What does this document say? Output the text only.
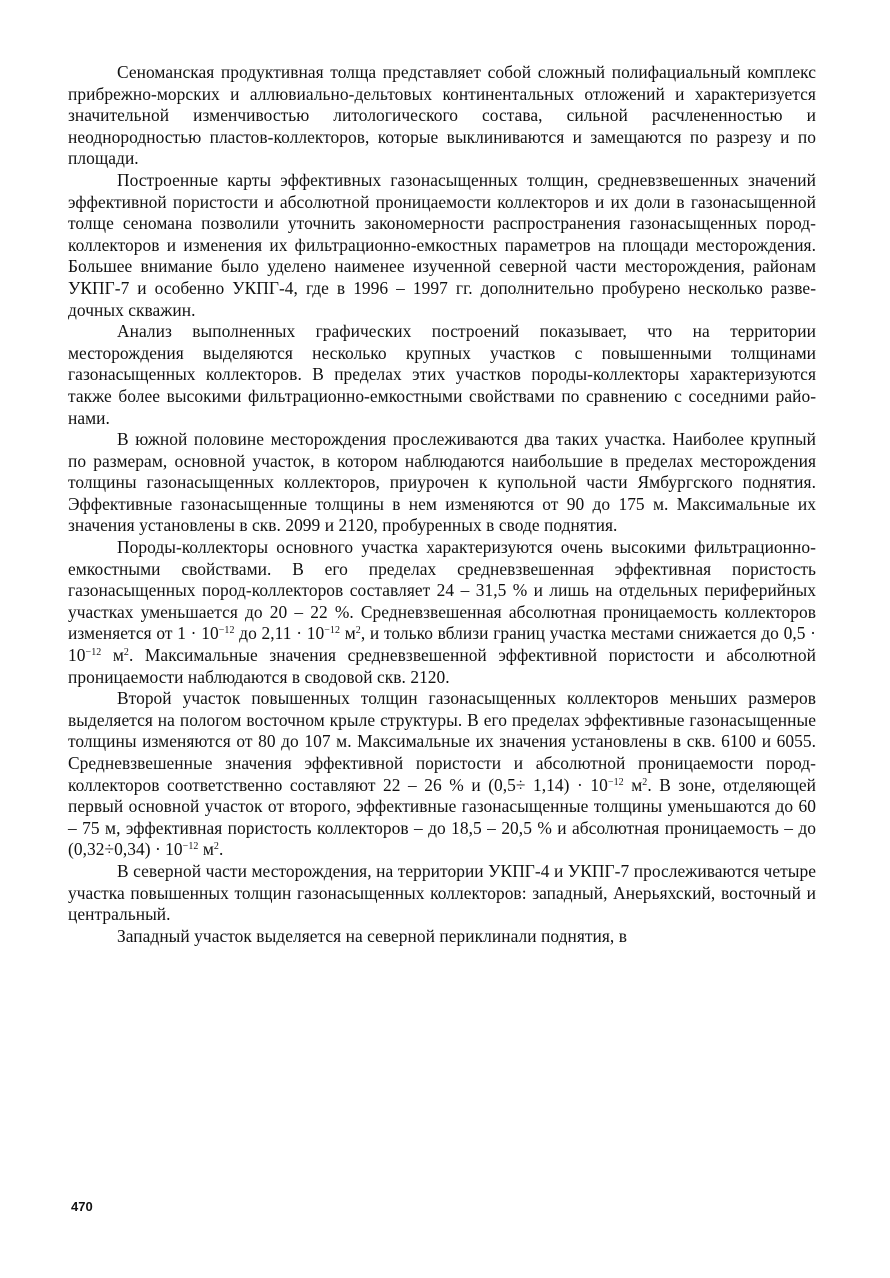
Сеноманская продуктивная толща представляет собой сложный полифациальный комплекс прибрежно-морских и аллювиально-дельтовых континентальных отложений и характеризуется значительной изменчивостью литологического состава, сильной расчлененностью и неоднородностью пластов-коллекторов, которые выклиниваются и замещаются по разрезу и по площади.

Построенные карты эффективных газонасыщенных толщин, средневзвешенных значений эффективной пористости и абсолютной проницаемости коллекторов и их доли в газонасыщенной толще сеномана позволили уточнить закономерности распространения газонасыщенных пород-коллекторов и изменения их фильтрационно-емкостных параметров на площади месторождения. Большее внимание было уделено наименее изученной северной части месторождения, районам УКПГ-7 и особенно УКПГ-4, где в 1996 – 1997 гг. дополнительно пробурено несколько разведочных скважин.

Анализ выполненных графических построений показывает, что на территории месторождения выделяются несколько крупных участков с повышенными толщинами газонасыщенных коллекторов. В пределах этих участков породы-коллекторы характеризуются также более высокими фильтрационно-емкостными свойствами по сравнению с соседними районами.

В южной половине месторождения прослеживаются два таких участка. Наиболее крупный по размерам, основной участок, в котором наблюдаются наибольшие в пределах месторождения толщины газонасыщенных коллекторов, приурочен к купольной части Ямбургского поднятия. Эффективные газонасыщенные толщины в нем изменяются от 90 до 175 м. Максимальные их значения установлены в скв. 2099 и 2120, пробуренных в своде поднятия.

Породы-коллекторы основного участка характеризуются очень высокими фильтрационно-емкостными свойствами. В его пределах средневзвешенная эффективная пористость газонасыщенных пород-коллекторов составляет 24 – 31,5 % и лишь на отдельных периферийных участках уменьшается до 20 – 22 %. Средневзвешенная абсолютная проницаемость коллекторов изменяется от $1 \cdot 10^{-12}$ до $2,11 \cdot 10^{-12}$ $м^2$, и только вблизи границ участка местами снижается до $0,5 \cdot 10^{-12}$ $м^2$. Максимальные значения средневзвешенной эффективной пористости и абсолютной проницаемости наблюдаются в сводовой скв. 2120.

Второй участок повышенных толщин газонасыщенных коллекторов меньших размеров выделяется на пологом восточном крыле структуры. В его пределах эффективные газонасыщенные толщины изменяются от 80 до 107 м. Максимальные их значения установлены в скв. 6100 и 6055. Средневзвешенные значения эффективной пористости и абсолютной проницаемости пород-коллекторов соответственно составляют 22 – 26 % и $(0,5\div 1,14) \cdot 10^{-12}$ $м^2$. В зоне, отделяющей первый основной участок от второго, эффективные газонасыщенные толщины уменьшаются до 60 – 75 м, эффективная пористость коллекторов – до 18,5 – 20,5 % и абсолютная проницаемость – до $(0,32\div 0,34) \cdot 10^{-12}$ $м^2$.

В северной части месторождения, на территории УКПГ-4 и УКПГ-7 прослеживаются четыре участка повышенных толщин газонасыщенных коллекторов: западный, Анерьяхский, восточный и центральный.

Западный участок выделяется на северной периклинали поднятия, в

470
